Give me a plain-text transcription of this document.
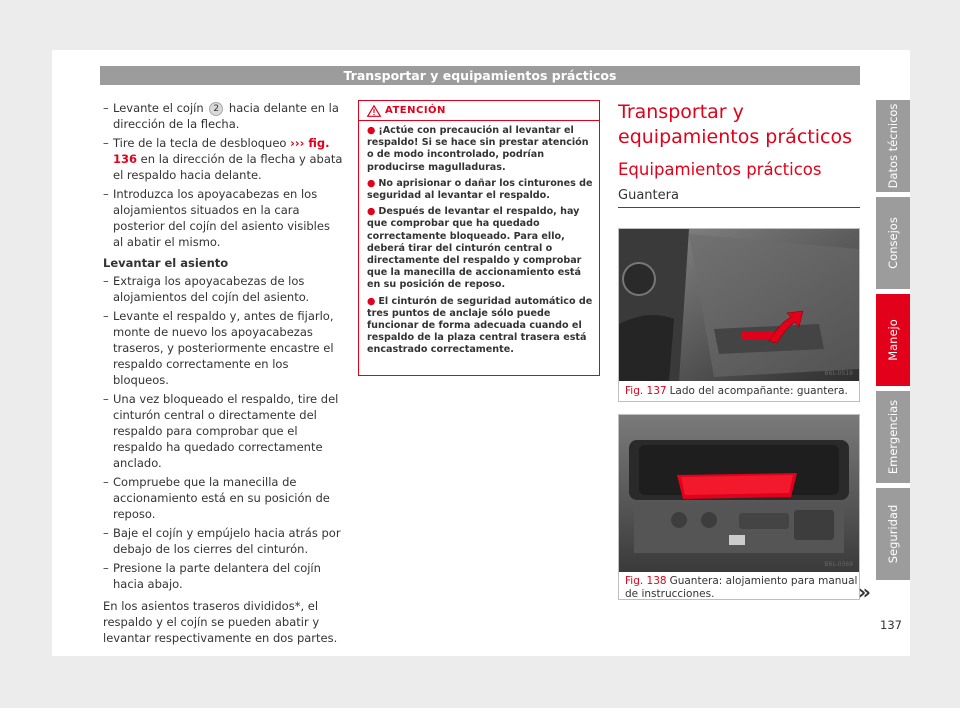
Transportar y equipamientos prácticos
– Levante el cojín 2 hacia delante en la dirección de la flecha.
– Tire de la tecla de desbloqueo ››› fig. 136 en la dirección de la flecha y abata el respaldo hacia delante.
– Introduzca los apoyacabezas en los alojamientos situados en la cara posterior del cojín del asiento visibles al abatir el mismo.
Levantar el asiento
– Extraiga los apoyacabezas de los alojamientos del cojín del asiento.
– Levante el respaldo y, antes de fijarlo, monte de nuevo los apoyacabezas traseros, y posteriormente encastre el respaldo correctamente en los bloqueos.
– Una vez bloqueado el respaldo, tire del cinturón central o directamente del respaldo para comprobar que el respaldo ha quedado correctamente anclado.
– Compruebe que la manecilla de accionamiento está en su posición de reposo.
– Baje el cojín y empújelo hacia atrás por debajo de los cierres del cinturón.
– Presione la parte delantera del cojín hacia abajo.
En los asientos traseros divididos*, el respaldo y el cojín se pueden abatir y levantar respectivamente en dos partes.
ATENCIÓN
● ¡Actúe con precaución al levantar el respaldo! Si se hace sin prestar atención o de modo incontrolado, podrían producirse magulladuras.
● No aprisionar o dañar los cinturones de seguridad al levantar el respaldo.
● Después de levantar el respaldo, hay que comprobar que ha quedado correctamente bloqueado. Para ello, deberá tirar del cinturón central o directamente del respaldo y comprobar que la manecilla de accionamiento está en su posición de reposo.
● El cinturón de seguridad automático de tres puntos de anclaje sólo puede funcionar de forma adecuada cuando el respaldo de la plaza central trasera está encastrado correctamente.
Transportar y equipamientos prácticos
Equipamientos prácticos
Guantera
B6L-0519
Fig. 137 Lado del acompañante: guantera.
B6L-0369
Fig. 138 Guantera: alojamiento para manual de instrucciones.	»
137
Datos técnicos
Consejos
Manejo
Emergencias
Seguridad
